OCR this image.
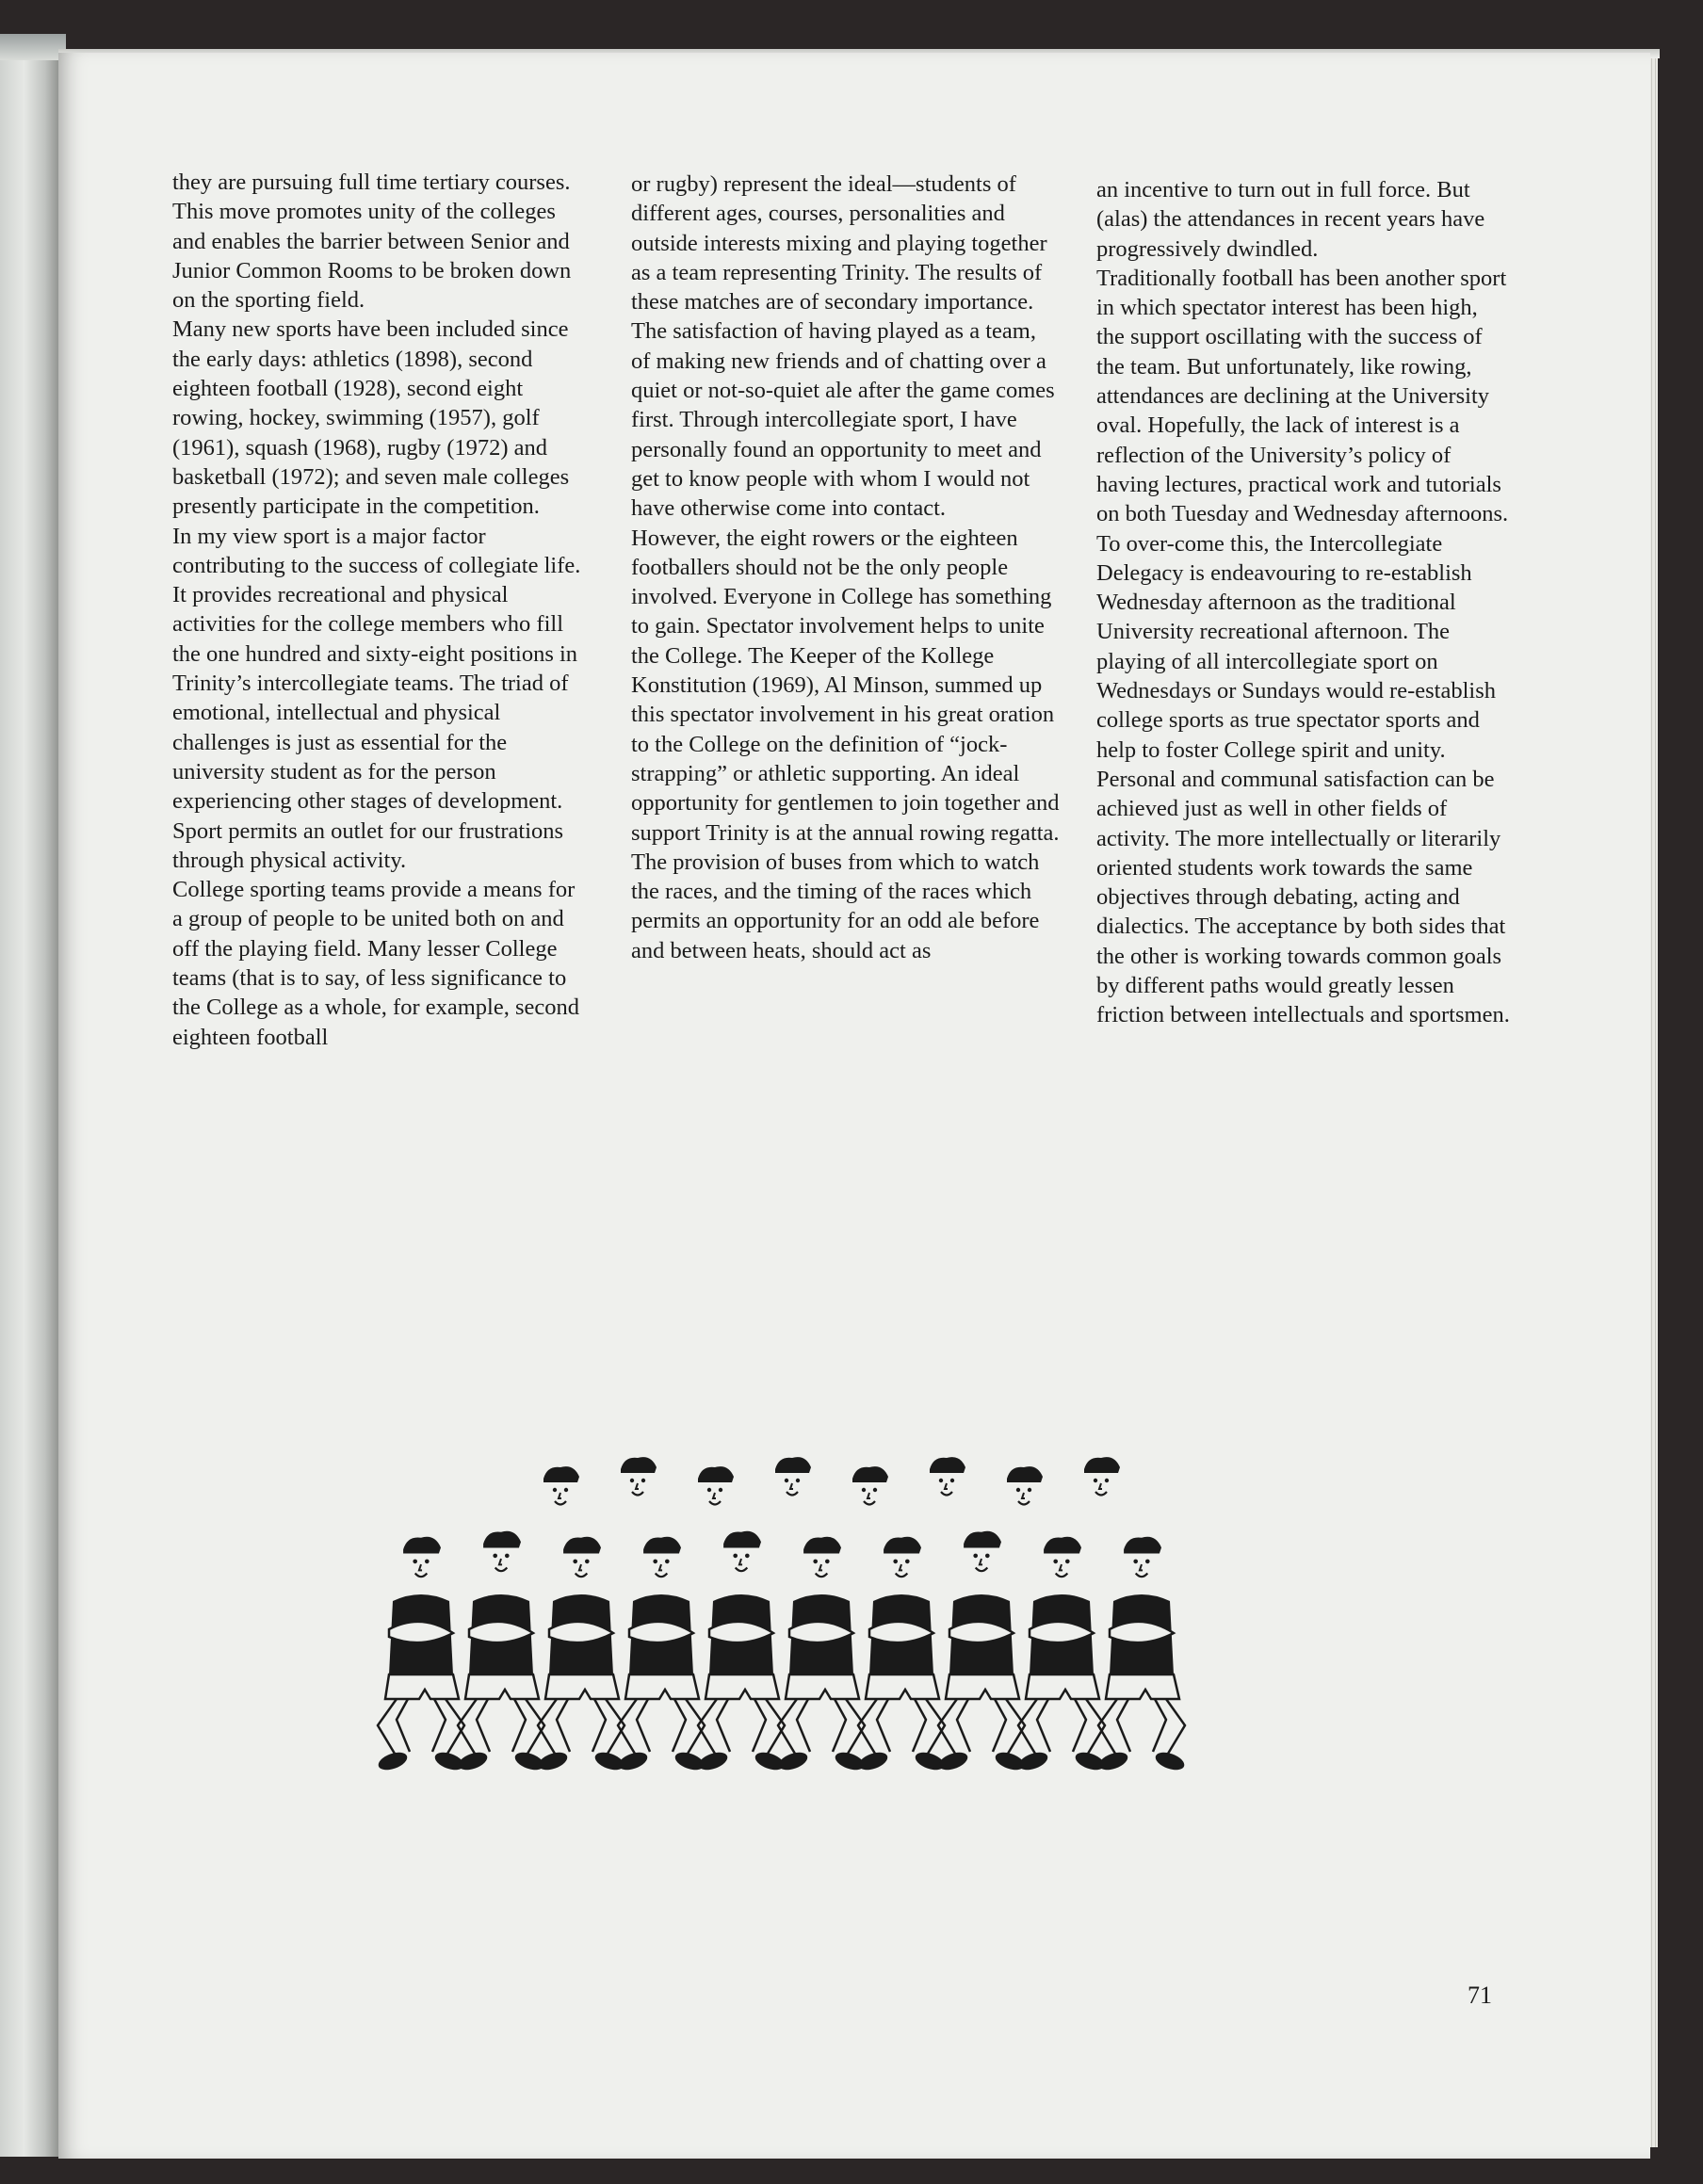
they are pursuing full time tertiary courses. This move promotes unity of the colleges and enables the barrier between Senior and Junior Common Rooms to be broken down on the sporting field.

Many new sports have been included since the early days: athletics (1898), second eighteen football (1928), second eight rowing, hockey, swimming (1957), golf (1961), squash (1968), rugby (1972) and basketball (1972); and seven male colleges presently participate in the competition.

In my view sport is a major factor contributing to the success of collegiate life. It provides recreational and physical activities for the college members who fill the one hundred and sixty-eight positions in Trinity’s intercollegiate teams. The triad of emotional, intellectual and physical challenges is just as essential for the university student as for the person experiencing other stages of development. Sport permits an outlet for our frustrations through physical activity.

College sporting teams provide a means for a group of people to be united both on and off the playing field. Many lesser College teams (that is to say, of less significance to the College as a whole, for example, second eighteen football

or rugby) represent the ideal—students of different ages, courses, personalities and outside interests mixing and playing together as a team representing Trinity. The results of these matches are of secondary importance. The satisfaction of having played as a team, of making new friends and of chatting over a quiet or not-so-quiet ale after the game comes first. Through intercollegiate sport, I have personally found an opportunity to meet and get to know people with whom I would not have otherwise come into contact.

However, the eight rowers or the eighteen footballers should not be the only people involved. Everyone in College has something to gain. Spectator involvement helps to unite the College. The Keeper of the Kollege Konstitution (1969), Al Minson, summed up this spectator involvement in his great oration to the College on the definition of “jock-strapping” or athletic supporting. An ideal opportunity for gentlemen to join together and support Trinity is at the annual rowing regatta. The provision of buses from which to watch the races, and the timing of the races which permits an opportunity for an odd ale before and between heats, should act as

an incentive to turn out in full force. But (alas) the attendances in recent years have progressively dwindled.

Traditionally football has been another sport in which spectator interest has been high, the support oscillating with the success of the team. But unfortunately, like rowing, attendances are declining at the University oval. Hopefully, the lack of interest is a reflection of the University’s policy of having lectures, practical work and tutorials on both Tuesday and Wednesday afternoons. To over-come this, the Intercollegiate Delegacy is endeavouring to re-establish Wednesday afternoon as the traditional University recreational afternoon. The playing of all intercollegiate sport on Wednesdays or Sundays would re-establish college sports as true spectator sports and help to foster College spirit and unity.

Personal and communal satisfaction can be achieved just as well in other fields of activity. The more intellectually or literarily oriented students work towards the same objectives through debating, acting and dialectics. The acceptance by both sides that the other is working towards common goals by different paths would greatly lessen friction between intellectuals and sportsmen.

71
